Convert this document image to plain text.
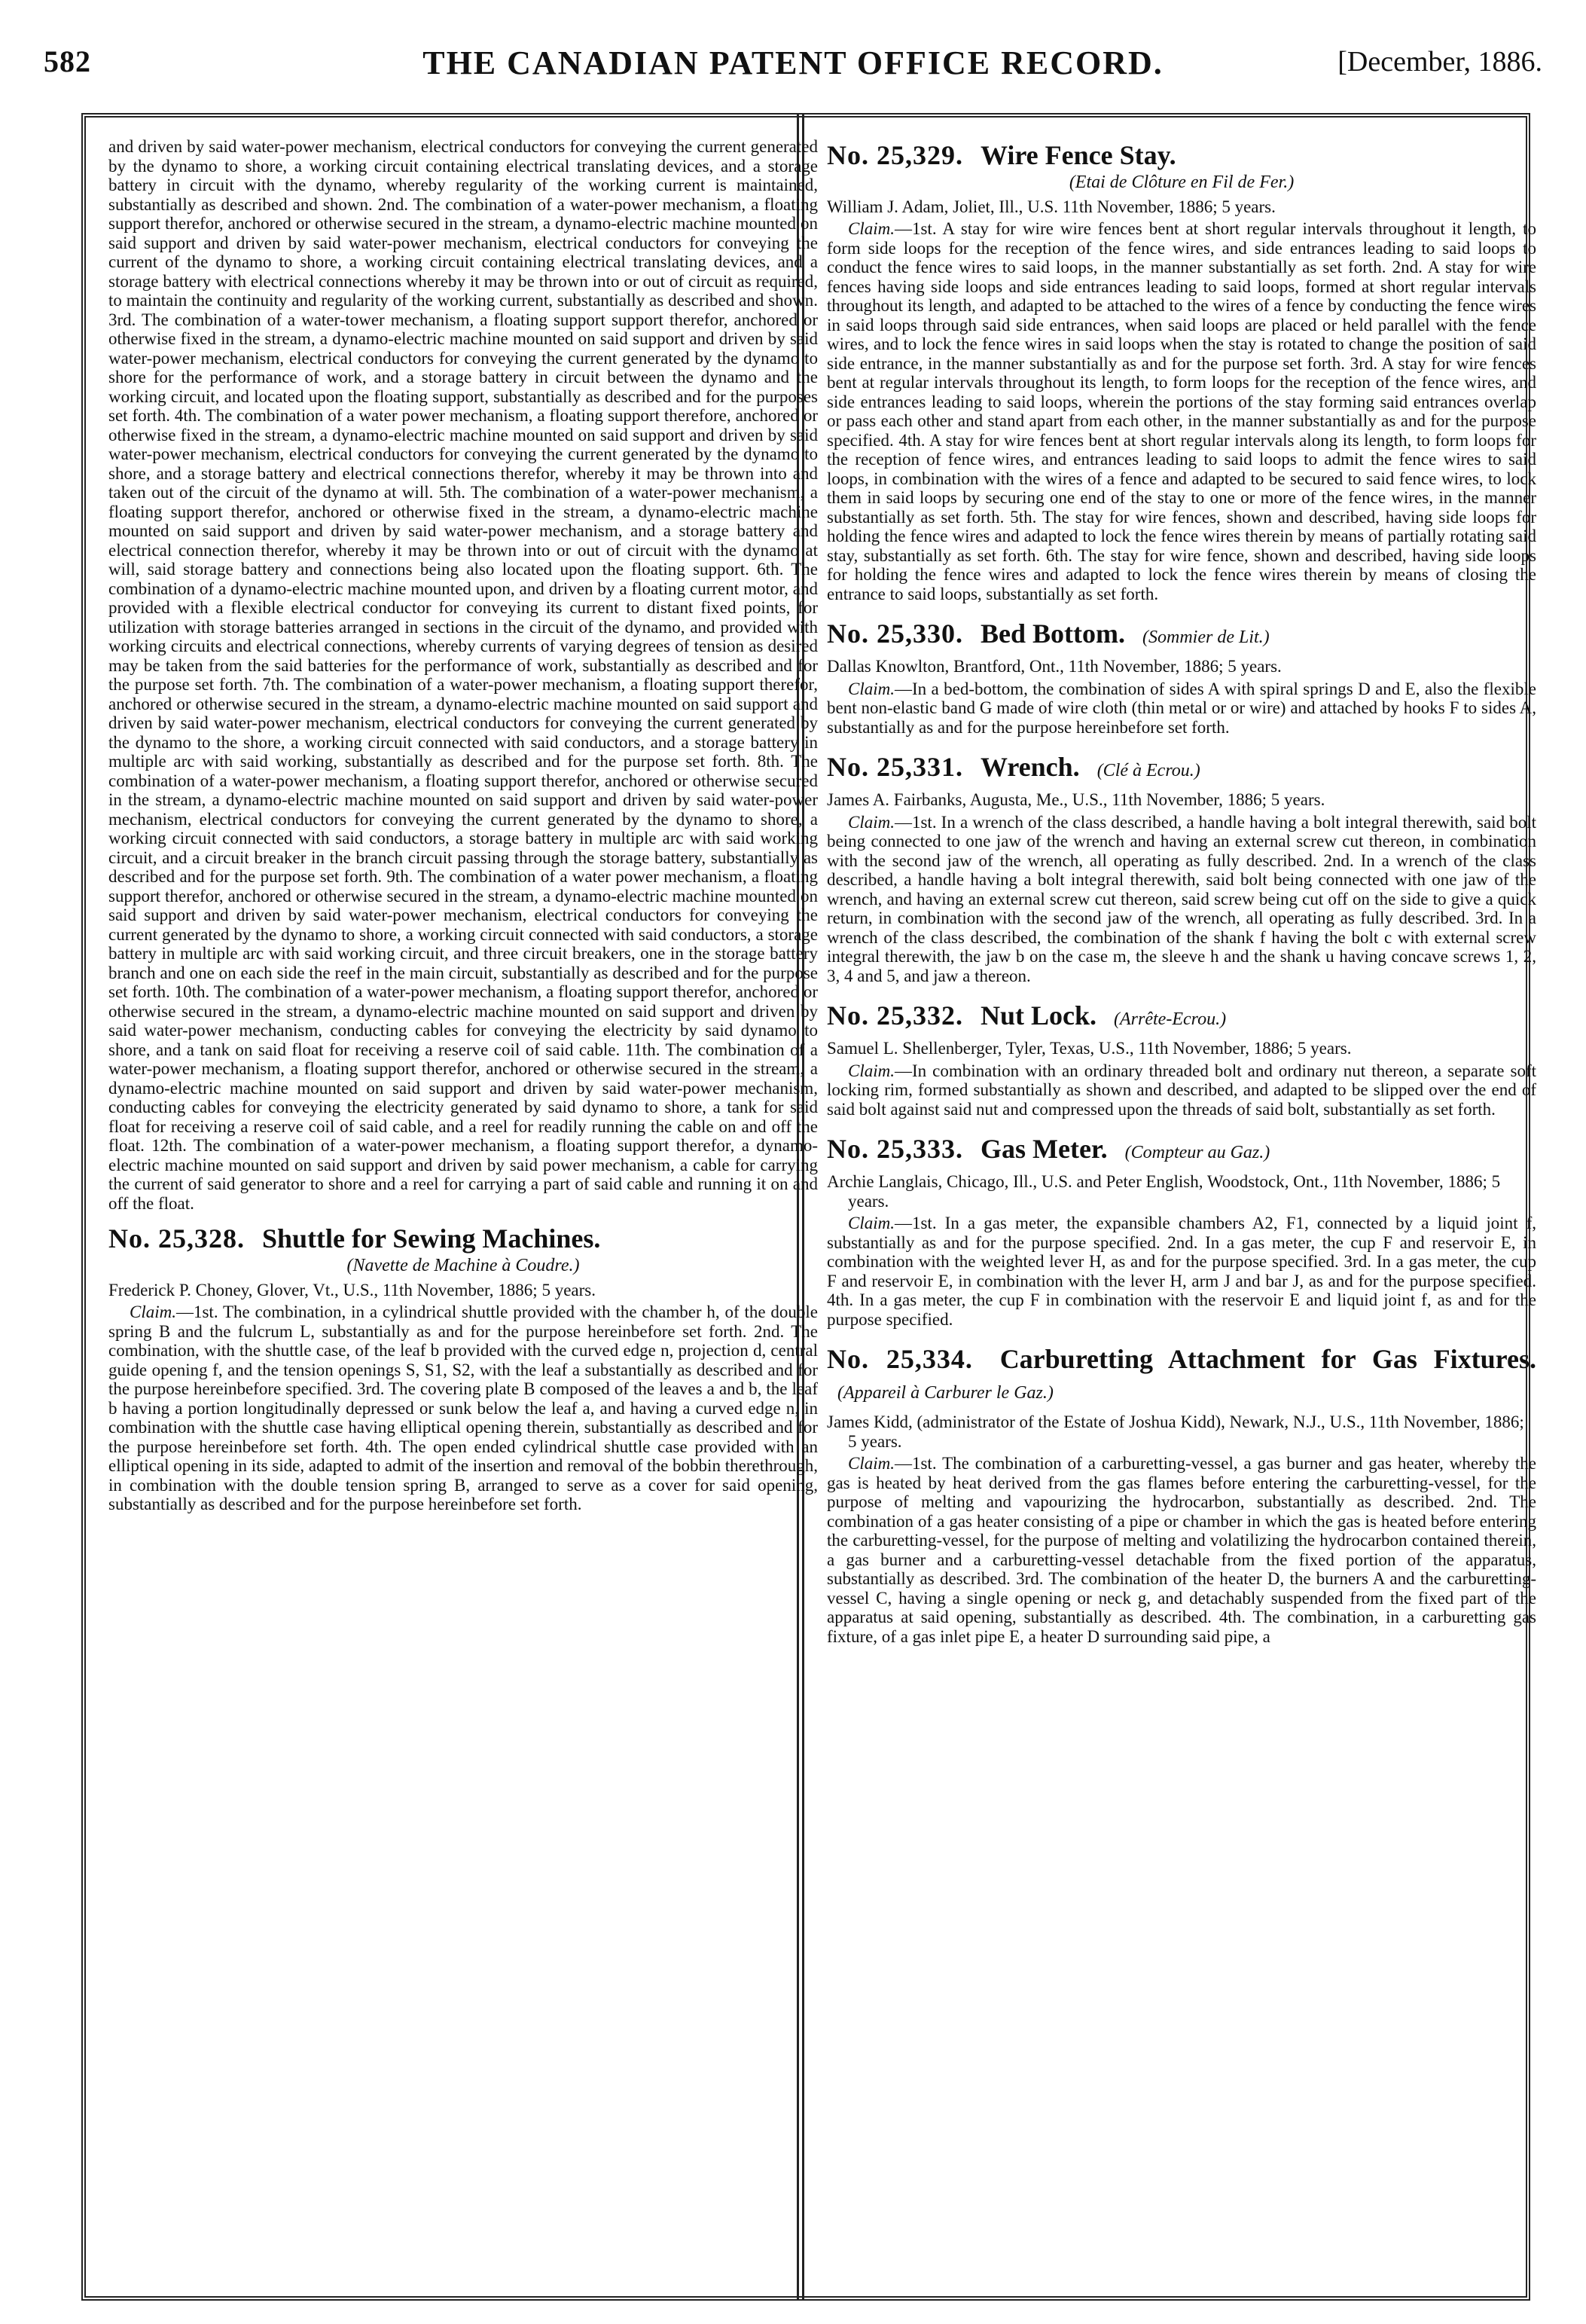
582	THE CANADIAN PATENT OFFICE RECORD.	[December, 1886.

and driven by said water-power mechanism, electrical conductors for conveying the current generated by the dynamo to shore, a working circuit containing electrical translating devices, and a storage battery in circuit with the dynamo, whereby regularity of the working current is maintained, substantially as described and shown. 2nd. The combination of a water-power mechanism, a floating support therefor, anchored or otherwise secured in the stream, a dynamo-electric machine mounted on said support and driven by said water-power mechanism, electrical conductors for conveying the current of the dynamo to shore, a working circuit containing electrical translating devices, and a storage battery with electrical connections whereby it may be thrown into or out of circuit as required, to maintain the continuity and regularity of the working current, substantially as described and shown. 3rd. The combination of a water-tower mechanism, a floating support support therefor, anchored or otherwise fixed in the stream, a dynamo-electric machine mounted on said support and driven by said water-power mechanism, electrical conductors for conveying the current generated by the dynamo to shore for the performance of work, and a storage battery in circuit between the dynamo and the working circuit, and located upon the floating support, substantially as described and for the purposes set forth. 4th. The combination of a water power mechanism, a floating support therefore, anchored or otherwise fixed in the stream, a dynamo-electric machine mounted on said support and driven by said water-power mechanism, electrical conductors for conveying the current generated by the dynamo to shore, and a storage battery and electrical connections therefor, whereby it may be thrown into and taken out of the circuit of the dynamo at will. 5th. The combination of a water-power mechanism, a floating support therefor, anchored or otherwise fixed in the stream, a dynamo-electric machine mounted on said support and driven by said water-power mechanism, and a storage battery and electrical connection therefor, whereby it may be thrown into or out of circuit with the dynamo at will, said storage battery and connections being also located upon the floating support. 6th. The combination of a dynamo-electric machine mounted upon, and driven by a floating current motor, and provided with a flexible electrical conductor for conveying its current to distant fixed points, for utilization with storage batteries arranged in sections in the circuit of the dynamo, and provided with working circuits and electrical connections, whereby currents of varying degrees of tension as desired may be taken from the said batteries for the performance of work, substantially as described and for the purpose set forth. 7th. The combination of a water-power mechanism, a floating support therefor, anchored or otherwise secured in the stream, a dynamo-electric machine mounted on said support and driven by said water-power mechanism, electrical conductors for conveying the current generated by the dynamo to the shore, a working circuit connected with said conductors, and a storage battery in multiple arc with said working, substantially as described and for the purpose set forth. 8th. The combination of a water-power mechanism, a floating support therefor, anchored or otherwise secured in the stream, a dynamo-electric machine mounted on said support and driven by said water-power mechanism, electrical conductors for conveying the current generated by the dynamo to shore, a working circuit connected with said conductors, a storage battery in multiple arc with said working circuit, and a circuit breaker in the branch circuit passing through the storage battery, substantially as described and for the purpose set forth. 9th. The combination of a water power mechanism, a floating support therefor, anchored or otherwise secured in the stream, a dynamo-electric machine mounted on said support and driven by said water-power mechanism, electrical conductors for conveying the current generated by the dynamo to shore, a working circuit connected with said conductors, a storage battery in multiple arc with said working circuit, and three circuit breakers, one in the storage battery branch and one on each side the reef in the main circuit, substantially as described and for the purpose set forth. 10th. The combination of a water-power mechanism, a floating support therefor, anchored or otherwise secured in the stream, a dynamo-electric machine mounted on said support and driven by said water-power mechanism, conducting cables for conveying the electricity by said dynamo to shore, and a tank on said float for receiving a reserve coil of said cable. 11th. The combination of a water-power mechanism, a floating support therefor, anchored or otherwise secured in the stream, a dynamo-electric machine mounted on said support and driven by said water-power mechanism, conducting cables for conveying the electricity generated by said dynamo to shore, a tank for said float for receiving a reserve coil of said cable, and a reel for readily running the cable on and off the float. 12th. The combination of a water-power mechanism, a floating support therefor, a dynamo-electric machine mounted on said support and driven by said power mechanism, a cable for carrying the current of said generator to shore and a reel for carrying a part of said cable and running it on and off the float.

No. 25,328. Shuttle for Sewing Machines.
(Navette de Machine à Coudre.)

Frederick P. Choney, Glover, Vt., U.S., 11th November, 1886; 5 years.

Claim.—1st. The combination, in a cylindrical shuttle provided with the chamber h, of the double spring B and the fulcrum L, substantially as and for the purpose hereinbefore set forth. 2nd. The combination, with the shuttle case, of the leaf b provided with the curved edge n, projection d, central guide opening f, and the tension openings S, S1, S2, with the leaf a substantially as described and for the purpose hereinbefore specified. 3rd. The covering plate B composed of the leaves a and b, the leaf b having a portion longitudinally depressed or sunk below the leaf a, and having a curved edge n, in combination with the shuttle case having elliptical opening therein, substantially as described and for the purpose hereinbefore set forth. 4th. The open ended cylindrical shuttle case provided with an elliptical opening in its side, adapted to admit of the insertion and removal of the bobbin therethrough, in combination with the double tension spring B, arranged to serve as a cover for said opening, substantially as described and for the purpose hereinbefore set forth.

No. 25,329. Wire Fence Stay.
(Etai de Clôture en Fil de Fer.)

William J. Adam, Joliet, Ill., U.S. 11th November, 1886; 5 years.

Claim.—1st. A stay for wire wire fences bent at short regular intervals throughout it length, to form side loops for the reception of the fence wires, and side entrances leading to said loops to conduct the fence wires to said loops, in the manner substantially as set forth. 2nd. A stay for wire fences having side loops and side entrances leading to said loops, formed at short regular intervals throughout its length, and adapted to be attached to the wires of a fence by conducting the fence wires in said loops through said side entrances, when said loops are placed or held parallel with the fence wires, and to lock the fence wires in said loops when the stay is rotated to change the position of said side entrance, in the manner substantially as and for the purpose set forth. 3rd. A stay for wire fences bent at regular intervals throughout its length, to form loops for the reception of the fence wires, and side entrances leading to said loops, wherein the portions of the stay forming said entrances overlap or pass each other and stand apart from each other, in the manner substantially as and for the purpose specified. 4th. A stay for wire fences bent at short regular intervals along its length, to form loops for the reception of fence wires, and entrances leading to said loops to admit the fence wires to said loops, in combination with the wires of a fence and adapted to be secured to said fence wires, to lock them in said loops by securing one end of the stay to one or more of the fence wires, in the manner substantially as set forth. 5th. The stay for wire fences, shown and described, having side loops for holding the fence wires and adapted to lock the fence wires therein by means of partially rotating said stay, substantially as set forth. 6th. The stay for wire fence, shown and described, having side loops for holding the fence wires and adapted to lock the fence wires therein by means of closing the entrance to said loops, substantially as set forth.

No. 25,330. Bed Bottom. (Sommier de Lit.)

Dallas Knowlton, Brantford, Ont., 11th November, 1886; 5 years.

Claim.—In a bed-bottom, the combination of sides A with spiral springs D and E, also the flexible bent non-elastic band G made of wire cloth (thin metal or or wire) and attached by hooks F to sides A, substantially as and for the purpose hereinbefore set forth.

No. 25,331. Wrench. (Clé à Ecrou.)

James A. Fairbanks, Augusta, Me., U.S., 11th November, 1886; 5 years.

Claim.—1st. In a wrench of the class described, a handle having a bolt integral therewith, said bolt being connected to one jaw of the wrench and having an external screw cut thereon, in combination with the second jaw of the wrench, all operating as fully described. 2nd. In a wrench of the class described, a handle having a bolt integral therewith, said bolt being connected with one jaw of the wrench, and having an external screw cut thereon, said screw being cut off on the side to give a quick return, in combination with the second jaw of the wrench, all operating as fully described. 3rd. In a wrench of the class described, the combination of the shank f having the bolt c with external screw integral therewith, the jaw b on the case m, the sleeve h and the shank u having concave screws 1, 2, 3, 4 and 5, and jaw a thereon.

No. 25,332. Nut Lock. (Arrête-Ecrou.)

Samuel L. Shellenberger, Tyler, Texas, U.S., 11th November, 1886; 5 years.

Claim.—In combination with an ordinary threaded bolt and ordinary nut thereon, a separate soft locking rim, formed substantially as shown and described, and adapted to be slipped over the end of said bolt against said nut and compressed upon the threads of said bolt, substantially as set forth.

No. 25,333. Gas Meter. (Compteur au Gaz.)

Archie Langlais, Chicago, Ill., U.S. and Peter English, Woodstock, Ont., 11th November, 1886; 5 years.

Claim.—1st. In a gas meter, the expansible chambers A2, F1, connected by a liquid joint f, substantially as and for the purpose specified. 2nd. In a gas meter, the cup F and reservoir E, in combination with the weighted lever H, as and for the purpose specified. 3rd. In a gas meter, the cup F and reservoir E, in combination with the lever H, arm J and bar J, as and for the purpose specified. 4th. In a gas meter, the cup F in combination with the reservoir E and liquid joint f, as and for the purpose specified.

No. 25,334. Carburetting Attachment for Gas Fixtures. (Appareil à Carburer le Gaz.)

James Kidd, (administrator of the Estate of Joshua Kidd), Newark, N.J., U.S., 11th November, 1886; 5 years.

Claim.—1st. The combination of a carburetting-vessel, a gas burner and gas heater, whereby the gas is heated by heat derived from the gas flames before entering the carburetting-vessel, for the purpose of melting and vapourizing the hydrocarbon, substantially as described. 2nd. The combination of a gas heater consisting of a pipe or chamber in which the gas is heated before entering the carburetting-vessel, for the purpose of melting and volatilizing the hydrocarbon contained therein, a gas burner and a carburetting-vessel detachable from the fixed portion of the apparatus, substantially as described. 3rd. The combination of the heater D, the burners A and the carburetting-vessel C, having a single opening or neck g, and detachably suspended from the fixed part of the apparatus at said opening, substantially as described. 4th. The combination, in a carburetting gas fixture, of a gas inlet pipe E, a heater D surrounding said pipe, a
